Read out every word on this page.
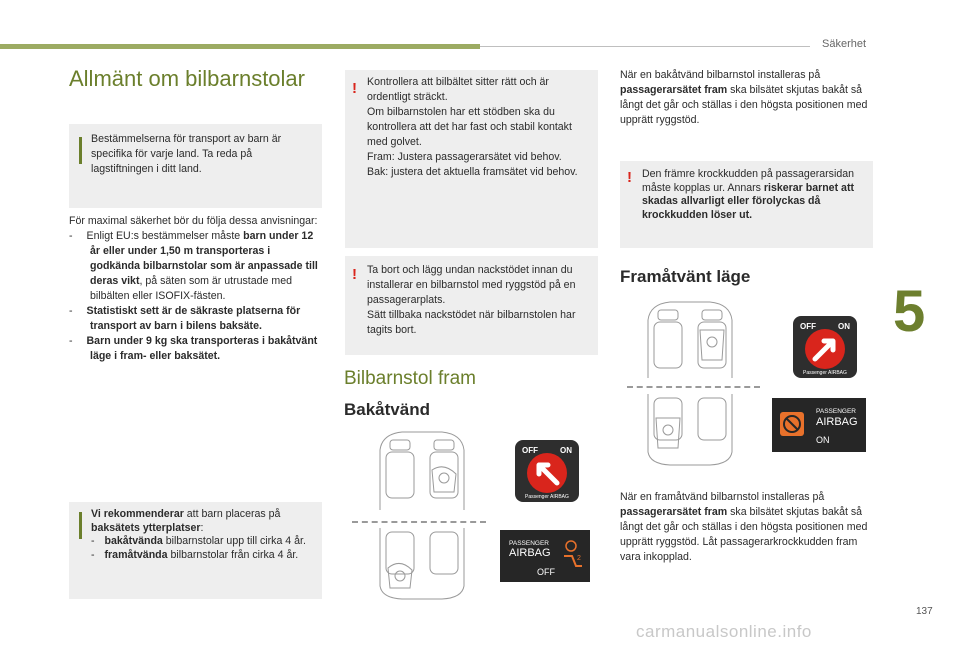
Säkerhet
5
137
carmanualsonline.info
Allmänt om bilbarnstolar
Bestämmelserna för transport av barn är specifika för varje land. Ta reda på lagstiftningen i ditt land.

För maximal säkerhet bör du följa dessa anvisningar:

- Enligt EU:s bestämmelser måste barn under 12 år eller under 1,50 m transporteras i godkända bilbarnstolar som är anpassade till deras vikt, på säten som är utrustade med bilbälten eller ISOFIX-fästen.

- Statistiskt sett är de säkraste platserna för transport av barn i bilens baksäte.

- Barn under 9 kg ska transporteras i bakåtvänt läge i fram- eller baksätet.

Vi rekommenderar att barn placeras på baksätets ytterplatser:

- bakåtvända bilbarnstolar upp till cirka 4 år.

- framåtvända bilbarnstolar från cirka 4 år.

! Kontrollera att bilbältet sitter rätt och är ordentligt sträckt.

Om bilbarnstolen har ett stödben ska du kontrollera att det har fast och stabil kontakt med golvet.

Fram: Justera passagerarsätet vid behov.

Bak: justera det aktuella framsätet vid behov.

! Ta bort och lägg undan nackstödet innan du installerar en bilbarnstol med ryggstöd på en passagerarplats.

Sätt tillbaka nackstödet när bilbarnstolen har tagits bort.

Bilbarnstol fram
Bakåtvänd
OFF	ON
Passenger AIRBAG
PASSENGER
AIRBAG
OFF
2

När en bakåtvänd bilbarnstol installeras på passagerarsätet fram ska bilsätet skjutas bakåt så långt det går och ställas i den högsta positionen med upprätt ryggstöd.

! Den främre krockkudden på passagerarsidan måste kopplas ur. Annars riskerar barnet att skadas allvarligt eller förolyckas då krockkudden löser ut.

Framåtvänt läge
OFF	ON
Passenger AIRBAG
PASSENGER
AIRBAG
ON

När en framåtvänd bilbarnstol installeras på passagerarsätet fram ska bilsätet skjutas bakåt så långt det går och ställas i den högsta positionen med upprätt ryggstöd. Låt passagerarkrockkudden fram vara inkopplad.
